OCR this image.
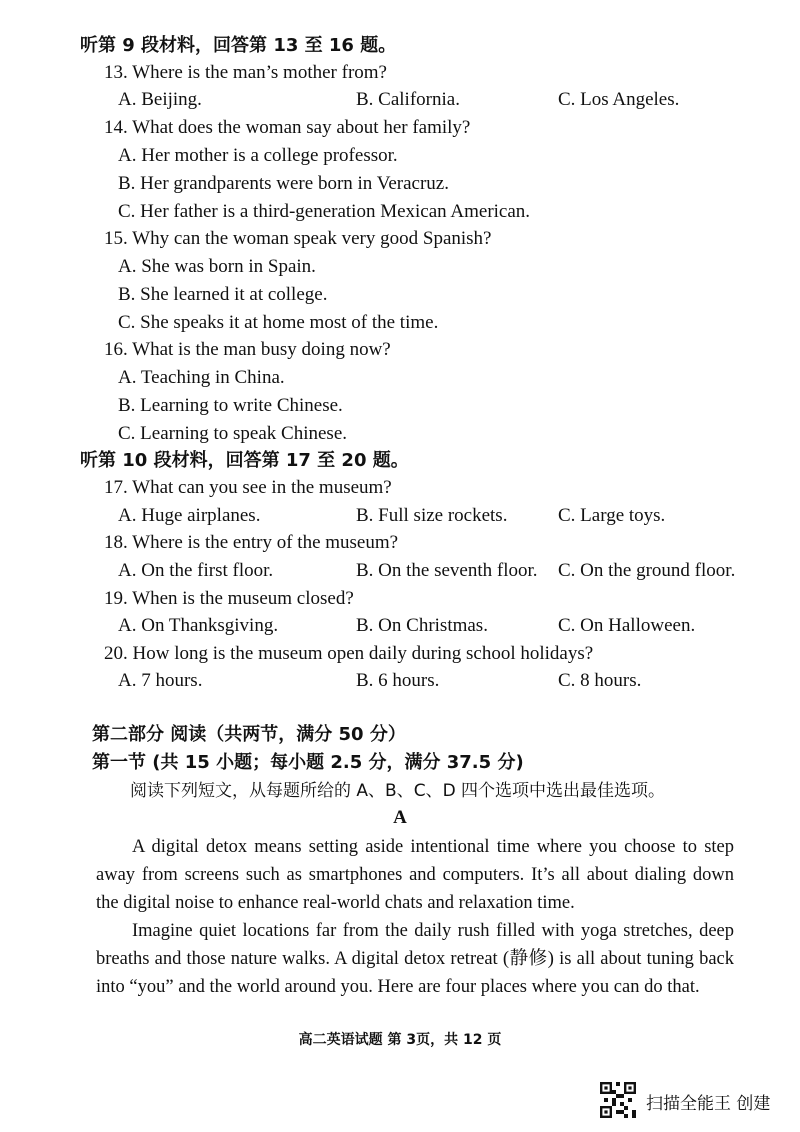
听第 9 段材料，回答第 13 至 16 题。
13. Where is the man’s mother from?
A. Beijing.	B. California.	C. Los Angeles.
14. What does the woman say about her family?
A. Her mother is a college professor.
B. Her grandparents were born in Veracruz.
C. Her father is a third-generation Mexican American.
15. Why can the woman speak very good Spanish?
A. She was born in Spain.
B. She learned it at college.
C. She speaks it at home most of the time.
16. What is the man busy doing now?
A. Teaching in China.
B. Learning to write Chinese.
C. Learning to speak Chinese.
听第 10 段材料，回答第 17 至 20 题。
17. What can you see in the museum?
A. Huge airplanes.	B. Full size rockets.	C. Large toys.
18. Where is the entry of the museum?
A. On the first floor.	B. On the seventh floor. C. On the ground floor.
19. When is the museum closed?
A. On Thanksgiving.	B. On Christmas.	C. On Halloween.
20. How long is the museum open daily during school holidays?
A. 7 hours.	B. 6 hours.	C. 8 hours.
第二部分 阅读（共两节，满分 50 分）
第一节 (共 15 小题；每小题 2.5 分，满分 37.5 分)
阅读下列短文，从每题所给的 A、B、C、D 四个选项中选出最佳选项。
A
A digital detox means setting aside intentional time where you choose to step away from screens such as smartphones and computers. It’s all about dialing down the digital noise to enhance real-world chats and relaxation time.
Imagine quiet locations far from the daily rush filled with yoga stretches, deep breaths and those nature walks. A digital detox retreat (静修) is all about tuning back into “you” and the world around you. Here are four places where you can do that.
高二英语试题 第 3页，共 12 页
扫描全能王 创建
